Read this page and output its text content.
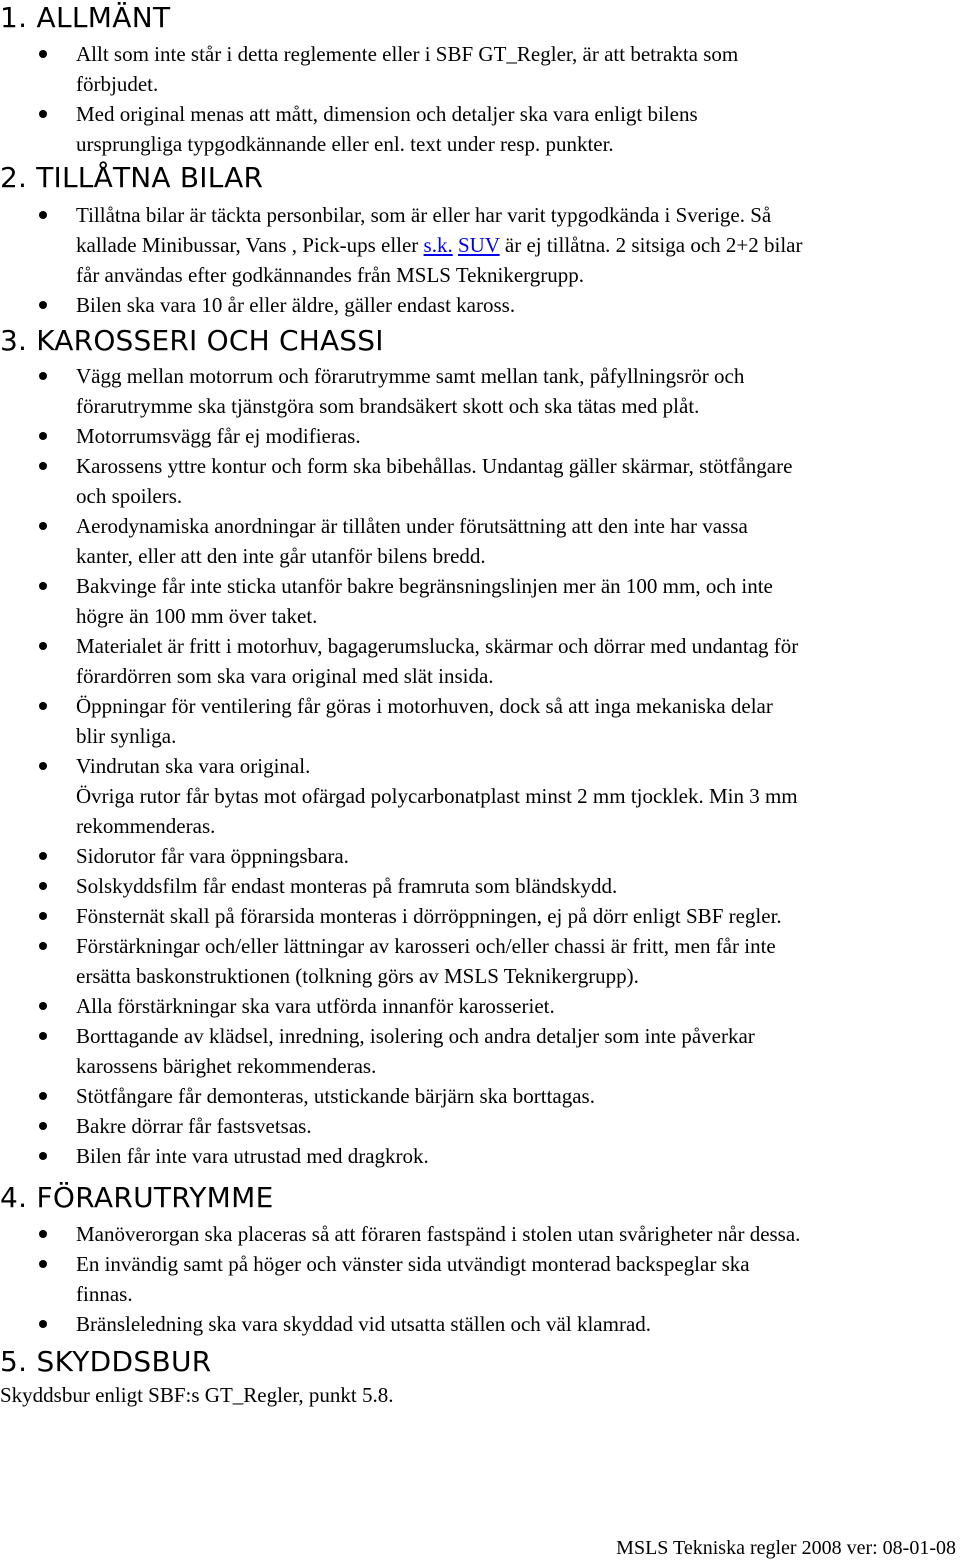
1. ALLMÄNT
Allt som inte står i detta reglemente eller i SBF GT_Regler, är att betrakta som
förbjudet.
Med original menas att mått, dimension och detaljer ska vara enligt bilens
ursprungliga typgodkännande eller enl. text under resp. punkter.
2. TILLÅTNA BILAR
Tillåtna bilar är täckta personbilar, som är eller har varit typgodkända i Sverige. Så
kallade Minibussar, Vans , Pick-ups eller s.k. SUV är ej tillåtna. 2 sitsiga och 2+2 bilar
får användas efter godkännandes från MSLS Teknikergrupp.
Bilen ska vara 10 år eller äldre, gäller endast kaross.
3. KAROSSERI OCH CHASSI
Vägg mellan motorrum och förarutrymme samt mellan tank, påfyllningsrör och
förarutrymme ska tjänstgöra som brandsäkert skott och ska tätas med plåt.
Motorrumsvägg får ej modifieras.
Karossens yttre kontur och form ska bibehållas. Undantag gäller skärmar, stötfångare
och spoilers.
Aerodynamiska anordningar är tillåten under förutsättning att den inte har vassa
kanter, eller att den inte går utanför bilens bredd.
Bakvinge får inte sticka utanför bakre begränsningslinjen mer än 100 mm, och inte
högre än 100 mm över taket.
Materialet är fritt i motorhuv, bagagerumslucka, skärmar och dörrar med undantag för
förardörren som ska vara original med slät insida.
Öppningar för ventilering får göras i motorhuven, dock så att inga mekaniska delar
blir synliga.
Vindrutan ska vara original.
Övriga rutor får bytas mot ofärgad polycarbonatplast minst 2 mm tjocklek. Min 3 mm
rekommenderas.
Sidorutor får vara öppningsbara.
Solskyddsfilm får endast monteras på framruta som bländskydd.
Fönsternät skall på förarsida monteras i dörröppningen, ej på dörr enligt SBF regler.
Förstärkningar och/eller lättningar av karosseri och/eller chassi är fritt, men får inte
ersätta baskonstruktionen (tolkning görs av MSLS Teknikergrupp).
Alla förstärkningar ska vara utförda innanför karosseriet.
Borttagande av klädsel, inredning, isolering och andra detaljer som inte påverkar
karossens bärighet rekommenderas.
Stötfångare får demonteras, utstickande bärjärn ska borttagas.
Bakre dörrar får fastsvetsas.
Bilen får inte vara utrustad med dragkrok.
4. FÖRARUTRYMME
Manöverorgan ska placeras så att föraren fastspänd i stolen utan svårigheter når dessa.
En invändig samt på höger och vänster sida utvändigt monterad backspeglar ska
finnas.
Bränsleledning ska vara skyddad vid utsatta ställen och väl klamrad.
5. SKYDDSBUR
Skyddsbur enligt SBF:s GT_Regler, punkt 5.8.
MSLS Tekniska regler 2008 ver: 08-01-08
